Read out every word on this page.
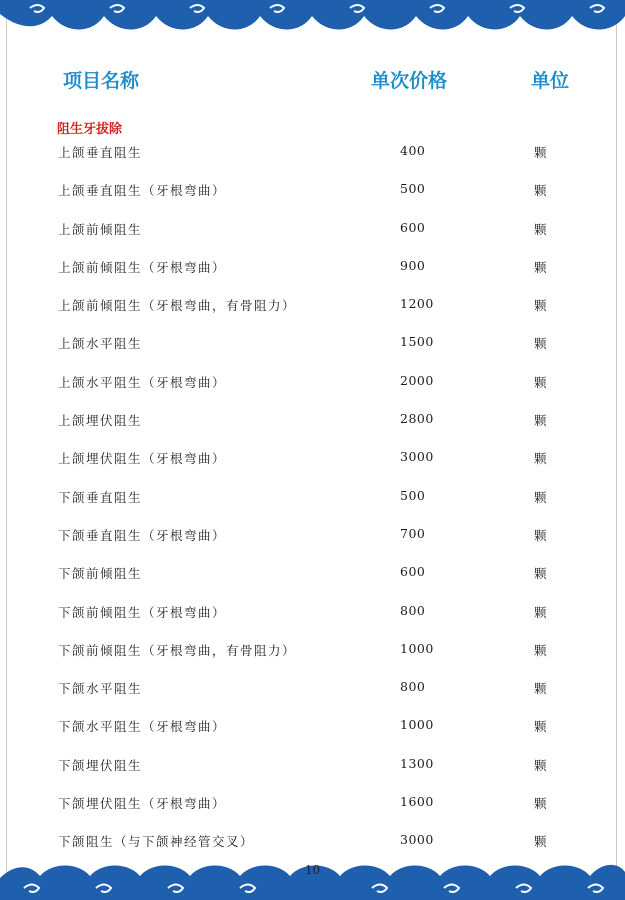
项目名称	单次价格	单位
阻生牙拔除
上颌垂直阻生	400	颗
上颌垂直阻生（牙根弯曲）	500	颗
上颌前倾阻生	600	颗
上颌前倾阻生（牙根弯曲）	900	颗
上颌前倾阻生（牙根弯曲，有骨阻力）	1200	颗
上颌水平阻生	1500	颗
上颌水平阻生（牙根弯曲）	2000	颗
上颌埋伏阻生	2800	颗
上颌埋伏阻生（牙根弯曲）	3000	颗
下颌垂直阻生	500	颗
下颌垂直阻生（牙根弯曲）	700	颗
下颌前倾阻生	600	颗
下颌前倾阻生（牙根弯曲）	800	颗
下颌前倾阻生（牙根弯曲，有骨阻力）	1000	颗
下颌水平阻生	800	颗
下颌水平阻生（牙根弯曲）	1000	颗
下颌埋伏阻生	1300	颗
下颌埋伏阻生（牙根弯曲）	1600	颗
下颌阻生（与下颌神经管交叉）	3000	颗
10
